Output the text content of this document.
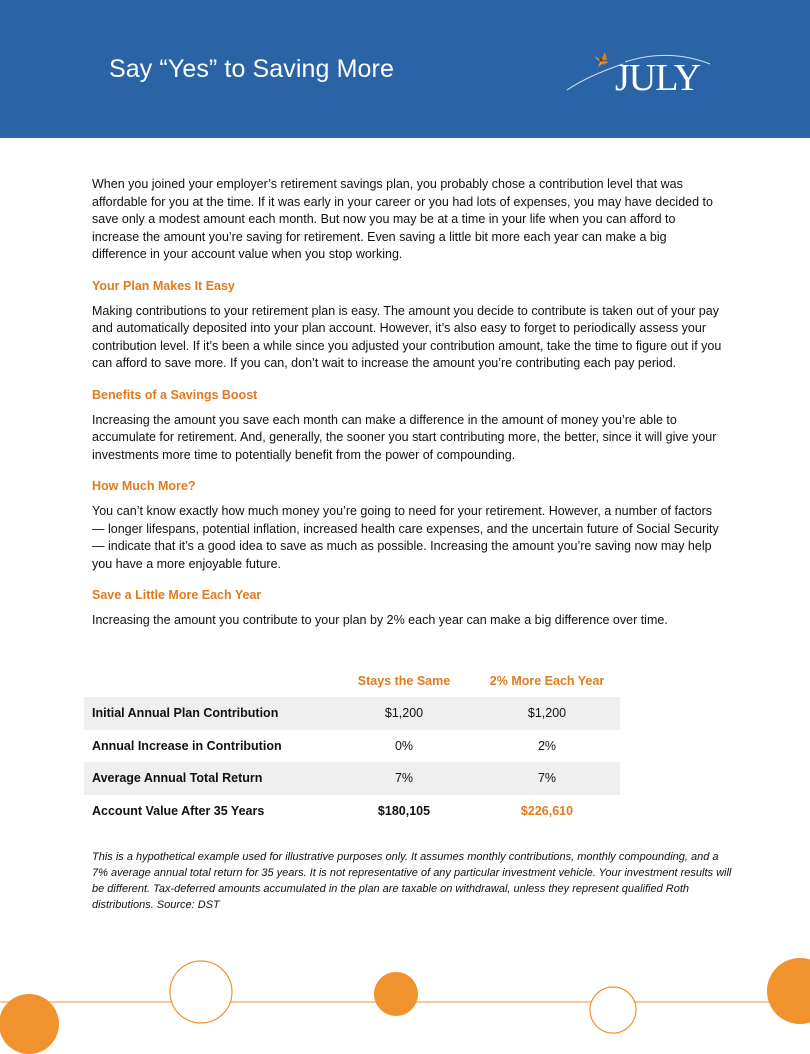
Say “Yes” to Saving More	JULY

When you joined your employer’s retirement savings plan, you probably chose a contribution level that was affordable for you at the time. If it was early in your career or you had lots of expenses, you may have decided to save only a modest amount each month. But now you may be at a time in your life when you can afford to increase the amount you’re saving for retirement. Even saving a little bit more each year can make a big difference in your account value when you stop working.

Your Plan Makes It Easy

Making contributions to your retirement plan is easy. The amount you decide to contribute is taken out of your pay and automatically deposited into your plan account. However, it’s also easy to forget to periodically assess your contribution level. If it’s been a while since you adjusted your contribution amount, take the time to figure out if you can afford to save more. If you can, don’t wait to increase the amount you’re contributing each pay period.

Benefits of a Savings Boost

Increasing the amount you save each month can make a difference in the amount of money you’re able to accumulate for retirement. And, generally, the sooner you start contributing more, the better, since it will give your investments more time to potentially benefit from the power of compounding.

How Much More?

You can’t know exactly how much money you’re going to need for your retirement. However, a number of factors — longer lifespans, potential inflation, increased health care expenses, and the uncertain future of Social Security — indicate that it’s a good idea to save as much as possible. Increasing the amount you’re saving now may help you have a more enjoyable future.

Save a Little More Each Year

Increasing the amount you contribute to your plan by 2% each year can make a big difference over time.

	Stays the Same	2% More Each Year
Initial Annual Plan Contribution	$1,200	$1,200
Annual Increase in Contribution	0%	2%
Average Annual Total Return	7%	7%
Account Value After 35 Years	$180,105	$226,610
This is a hypothetical example used for illustrative purposes only. It assumes monthly contributions, monthly compounding, and a 7% average annual total return for 35 years. It is not representative of any particular investment vehicle. Your investment results will be different. Tax-deferred amounts accumulated in the plan are taxable on withdrawal, unless they represent qualified Roth distributions. Source: DST
